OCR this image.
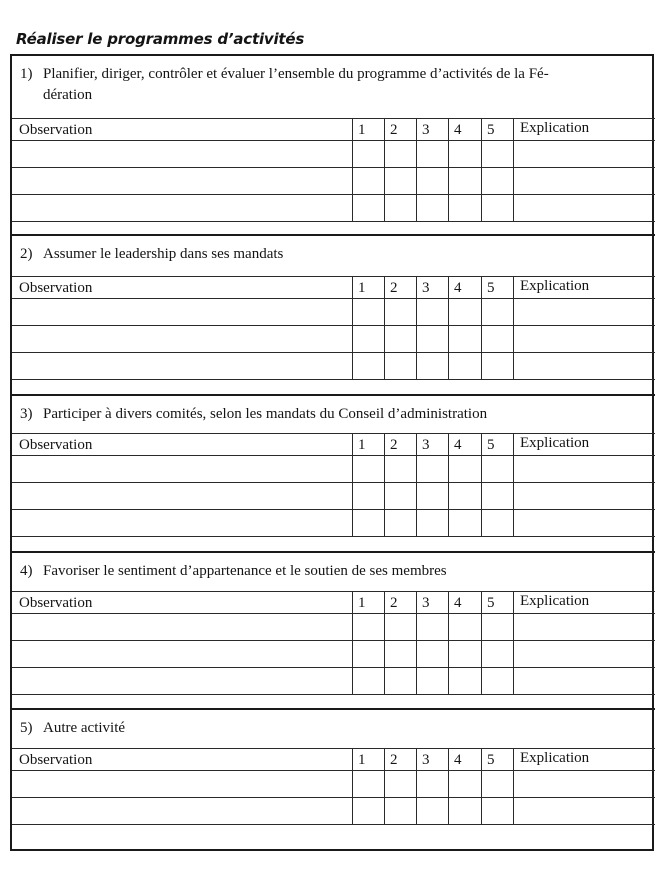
Réaliser le programmes d’activités
1) Planifier, diriger, contrôler et évaluer l’ensemble du programme d’activités de la Fé-
dération
Observation	1 2 3 4 5 Explication
2) Assumer le leadership dans ses mandats
Observation	1 2 3 4 5 Explication
3) Participer à divers comités, selon les mandats du Conseil d’administration
Observation	1 2 3 4 5 Explication
4) Favoriser le sentiment d’appartenance et le soutien de ses membres
Observation	1 2 3 4 5 Explication
5) Autre activité
Observation	1 2 3 4 5 Explication
